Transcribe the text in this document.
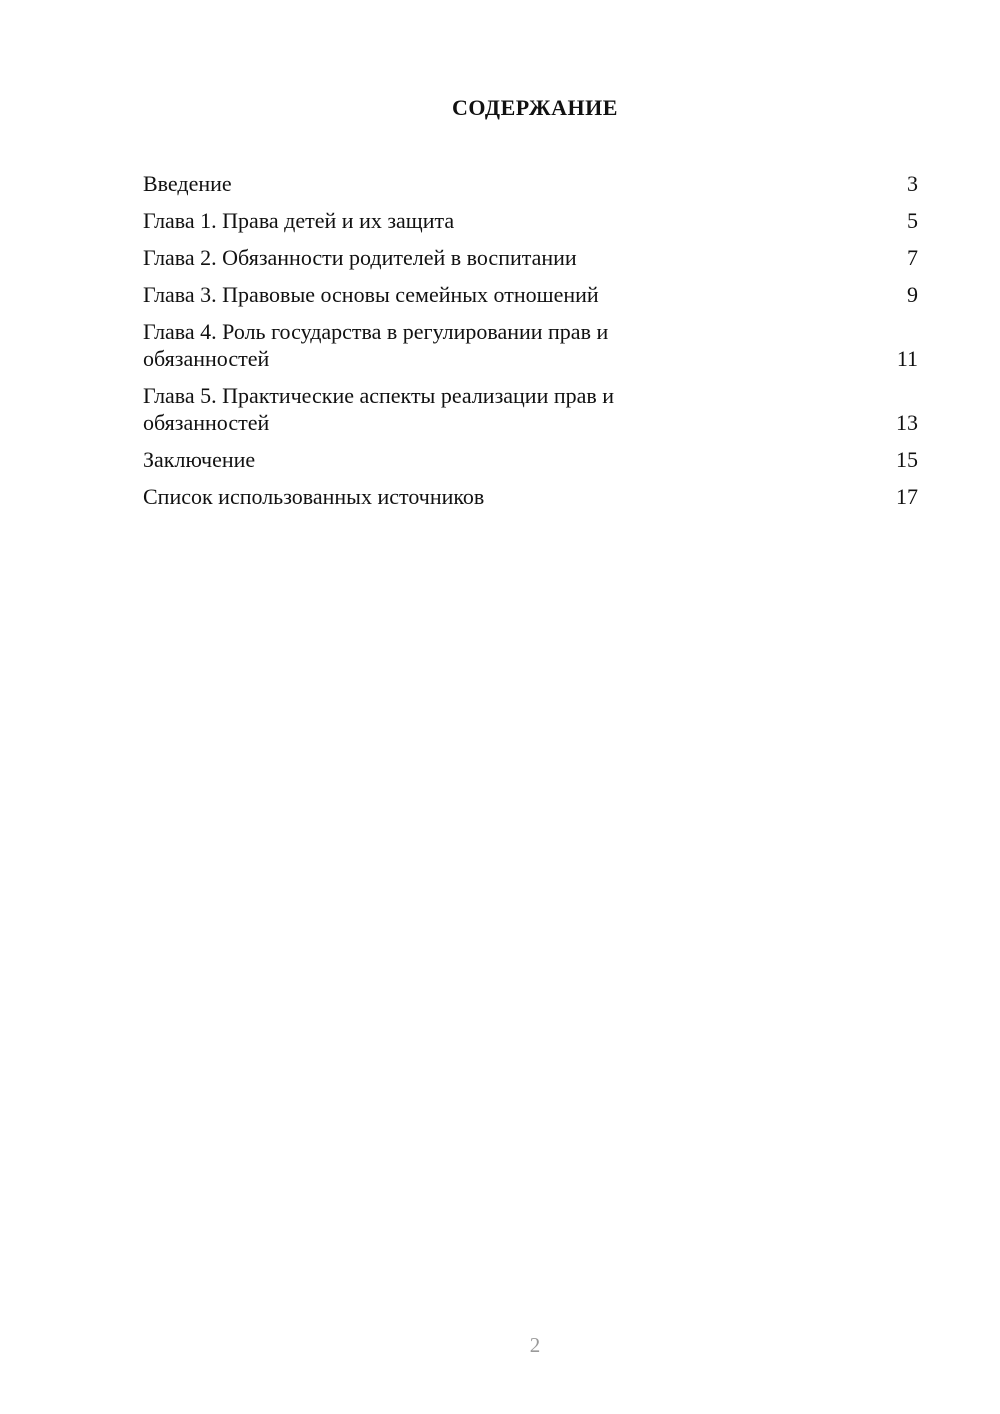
СОДЕРЖАНИЕ
Введение	3
Глава 1. Права детей и их защита	5
Глава 2. Обязанности родителей в воспитании	7
Глава 3. Правовые основы семейных отношений	9
Глава 4. Роль государства в регулировании прав и обязанностей	11
Глава 5. Практические аспекты реализации прав и обязанностей	13
Заключение	15
Список использованных источников	17
2
